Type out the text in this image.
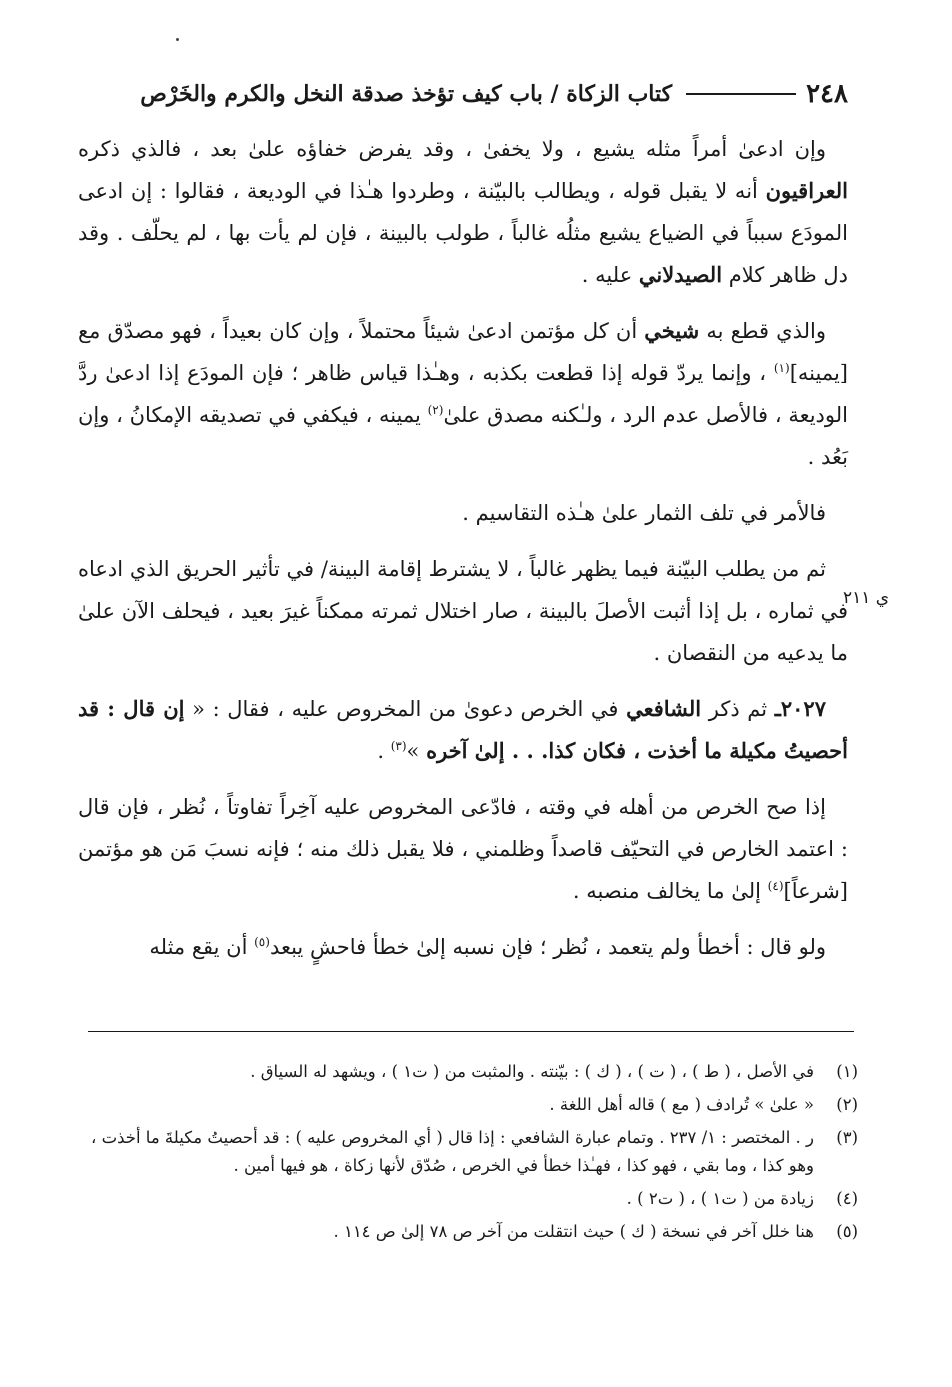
٢٤٨
كتاب الزكاة / باب كيف تؤخذ صدقة النخل والكرم والخَرْص
ي ٢١١

وإن ادعىٰ أمراً مثله يشيع ، ولا يخفىٰ ، وقد يفرض خفاؤه علىٰ بعد ، فالذي ذكره العراقيون أنه لا يقبل قوله ، ويطالب بالبيّنة ، وطردوا هـٰذا في الوديعة ، فقالوا : إن ادعى المودَع سبباً في الضياع يشيع مثلُه غالباً ، طولب بالبينة ، فإن لم يأت بها ، لم يحلّف . وقد دل ظاهر كلام الصيدلاني عليه .

والذي قطع به شيخي أن كل مؤتمن ادعىٰ شيئاً محتملاً ، وإن كان بعيداً ، فهو مصدّق مع [يمينه]$^{(١)}$ ، وإنما يردّ قوله إذا قطعت بكذبه ، وهـٰذا قياس ظاهر ؛ فإن المودَع إذا ادعىٰ ردَّ الوديعة ، فالأصل عدم الرد ، ولـٰكنه مصدق علىٰ$^{(٢)}$ يمينه ، فيكفي في تصديقه الإمكانُ ، وإن بَعُد .

فالأمر في تلف الثمار علىٰ هـٰذه التقاسيم .

ثم من يطلب البيّنة فيما يظهر غالباً ، لا يشترط إقامة البينة/ في تأثير الحريق الذي ادعاه في ثماره ، بل إذا أثبت الأصلَ بالبينة ، صار اختلال ثمرته ممكناً غيرَ بعيد ، فيحلف الآن علىٰ ما يدعيه من النقصان .

٢٠٢٧ـ ثم ذكر الشافعي في الخرص دعوىٰ من المخروص عليه ، فقال : « إن قال : قد أحصيتُ مكيلة ما أخذت ، فكان كذا. . . إلىٰ آخره »$^{(٣)}$ .

إذا صح الخرص من أهله في وقته ، فادّعى المخروص عليه آخِراً تفاوتاً ، نُظر ، فإن قال : اعتمد الخارص في التحيّف قاصداً وظلمني ، فلا يقبل ذلك منه ؛ فإنه نسبَ مَن هو مؤتمن [شرعاً]$^{(٤)}$ إلىٰ ما يخالف منصبه .

ولو قال : أخطأ ولم يتعمد ، نُظر ؛ فإن نسبه إلىٰ خطأ فاحشٍ يبعد$^{(٥)}$ أن يقع مثله

(١)
في الأصل ، ( ط ) ، ( ت ) ، ( ك ) : بيّنته . والمثبت من ( ت١ ) ، ويشهد له السياق .
(٢)
« علىٰ » تُرادف ( مع ) قاله أهل اللغة .
(٣)
ر . المختصر : ١/ ٢٣٧ . وتمام عبارة الشافعي : إذا قال ( أي المخروص عليه ) : قد أحصيتُ مكيلةَ ما أخذت ، وهو كذا ، وما بقي ، فهو كذا ، فهـٰذا خطأ في الخرص ، صُدّق لأنها زكاة ، هو فيها أمين .
(٤)
زيادة من ( ت١ ) ، ( ت٢ ) .
(٥)
هنا خلل آخر في نسخة ( ك ) حيث انتقلت من آخر ص ٧٨ إلىٰ ص ١١٤ .
